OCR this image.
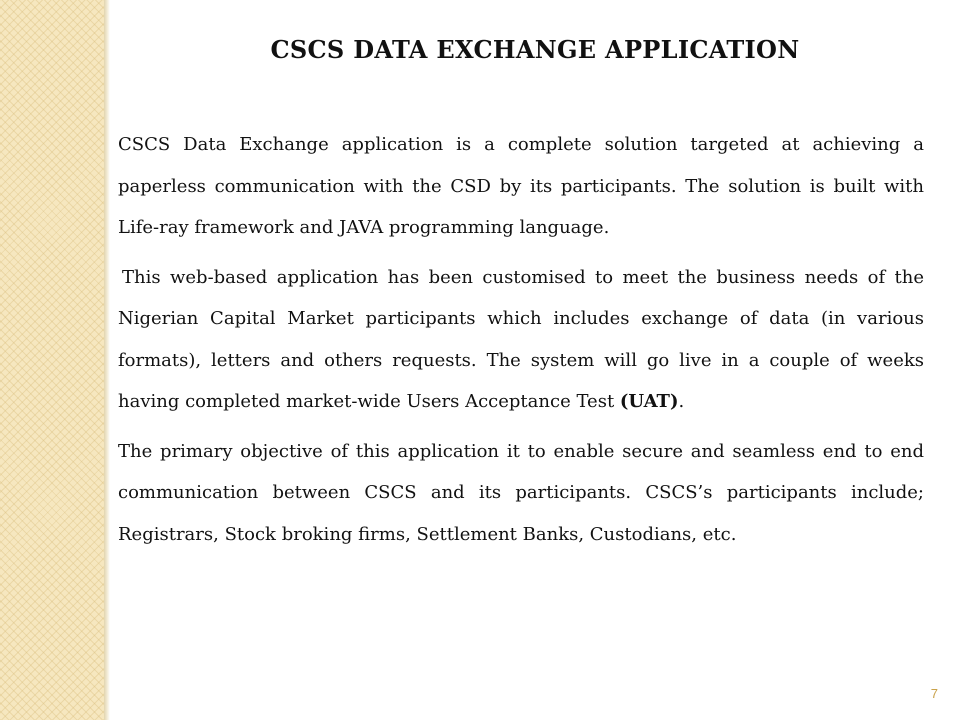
CSCS DATA EXCHANGE APPLICATION

CSCS Data Exchange application is a complete solution targeted at achieving a paperless communication with the CSD by its participants. The solution is built with Life-ray framework and JAVA programming language.

This web-based application has been customised to meet the business needs of the Nigerian Capital Market participants which includes exchange of data (in various formats), letters and others requests. The system will go live in a couple of weeks having completed market-wide Users Acceptance Test (UAT).

The primary objective of this application it to enable secure and seamless end to end communication between CSCS and its participants. CSCS’s participants include; Registrars, Stock broking firms, Settlement Banks, Custodians, etc.

7
